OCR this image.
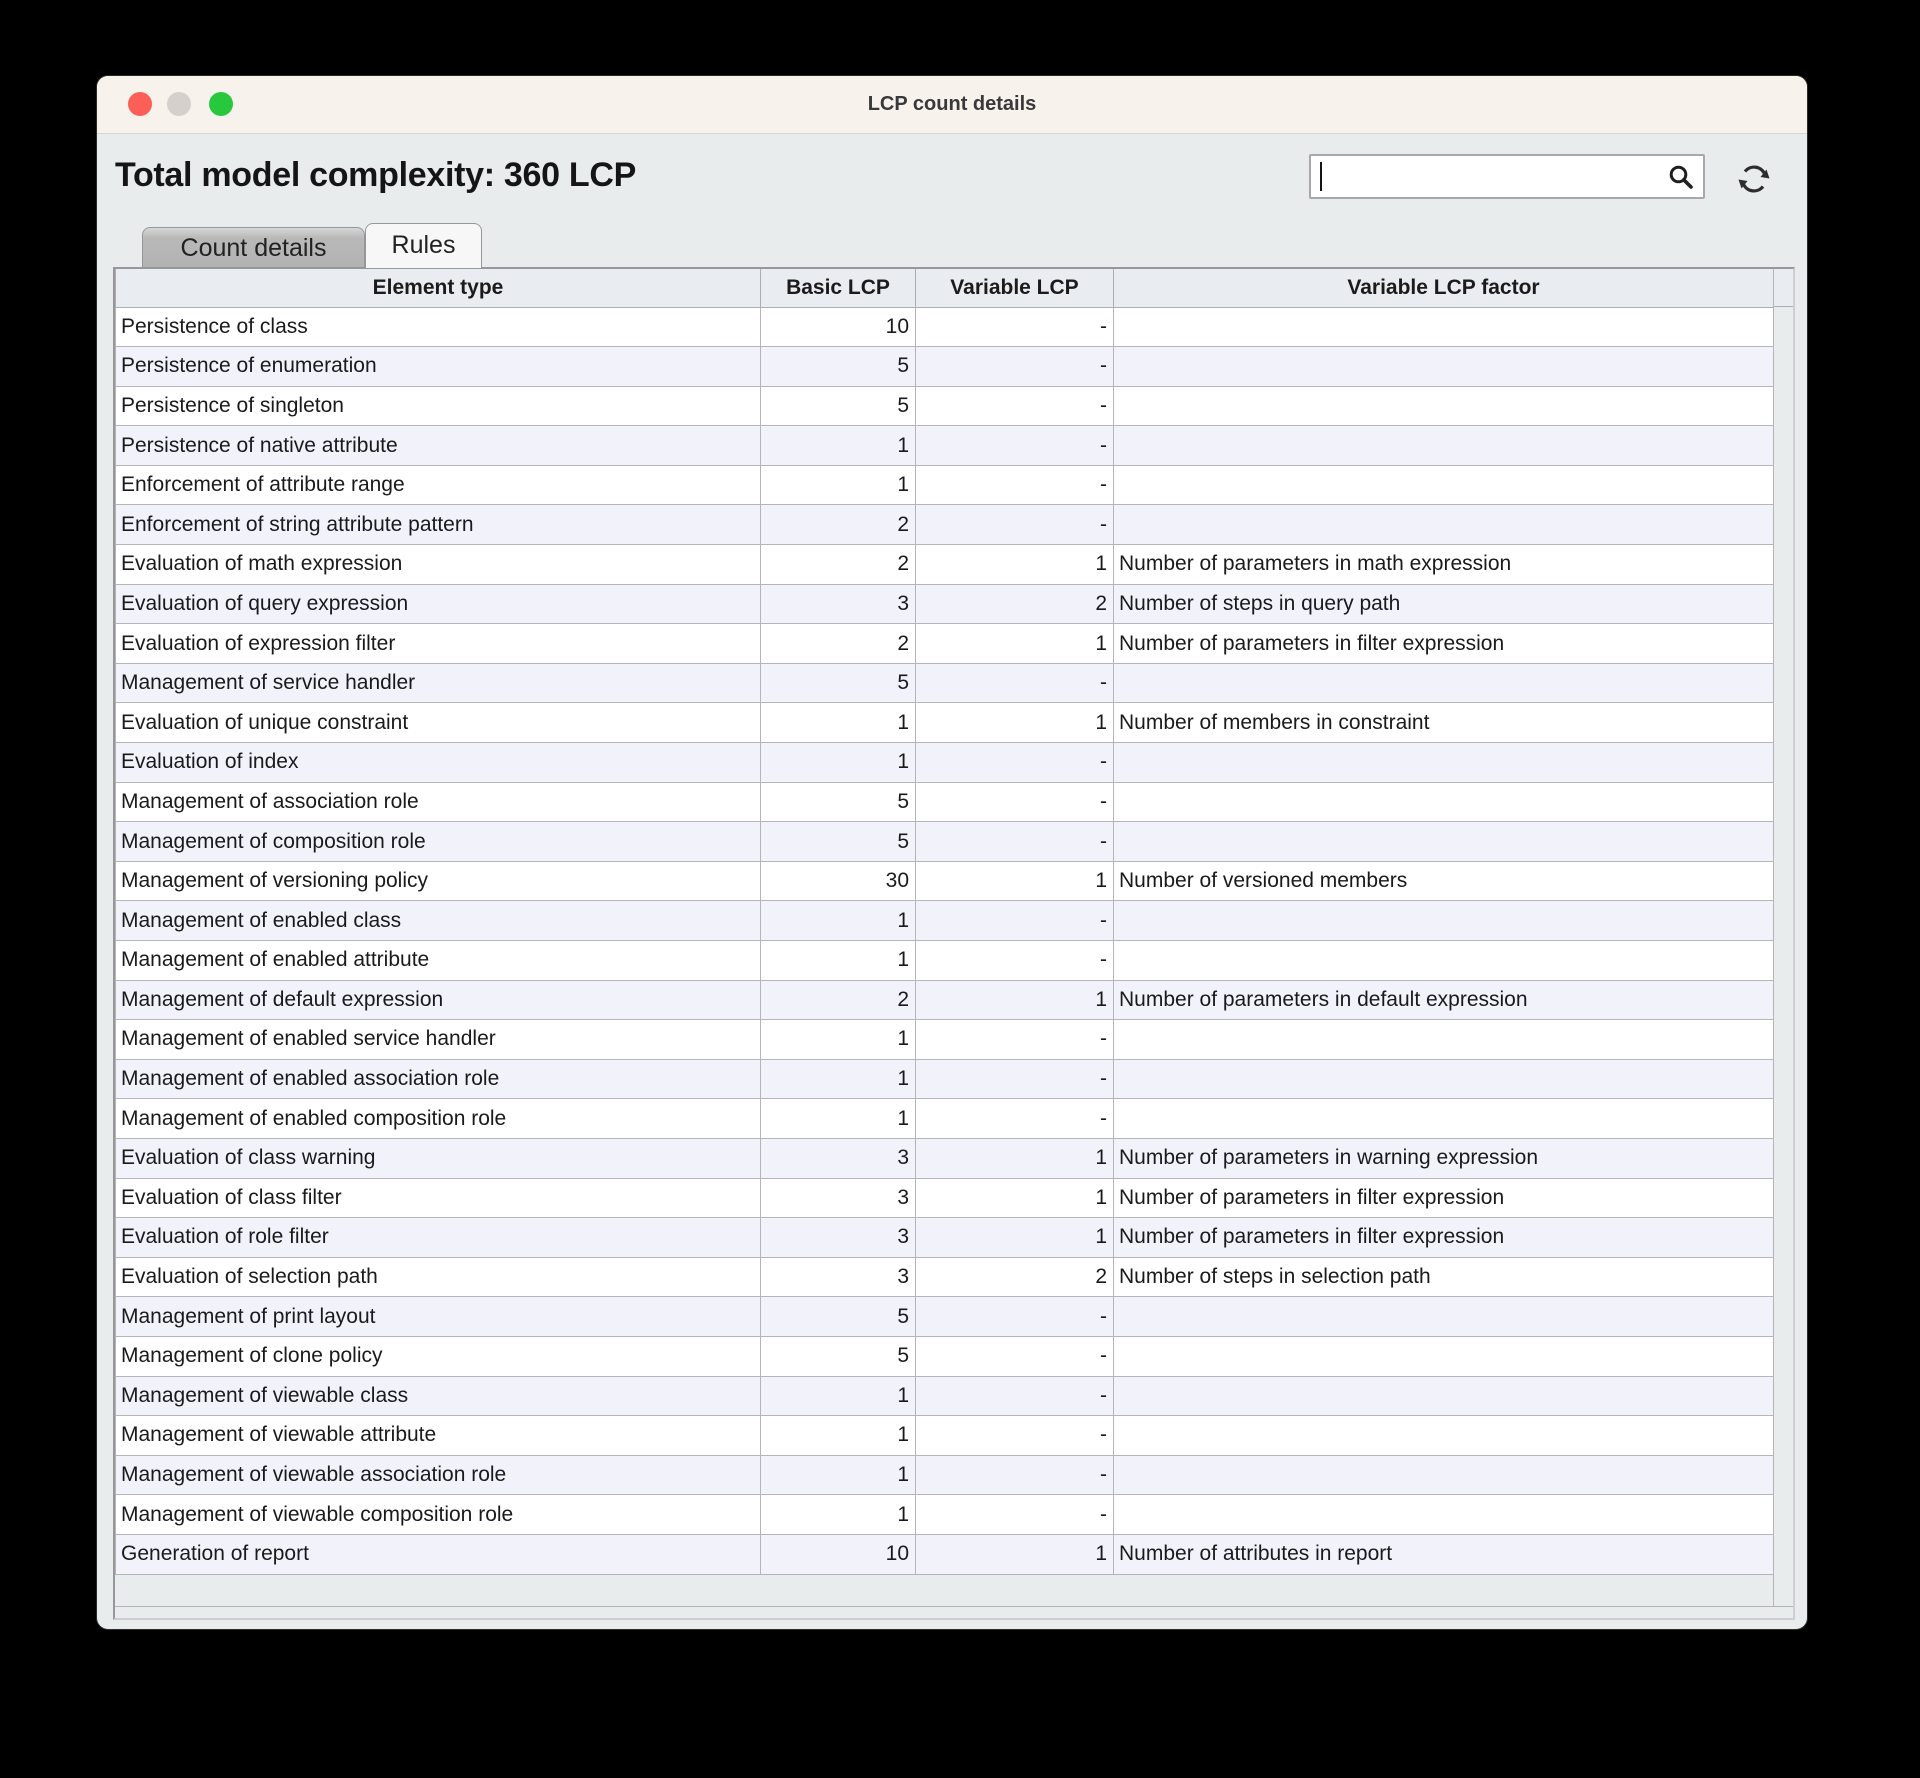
LCP count details
Total model complexity: 360 LCP
Count details	Rules
Element type	Basic LCP	Variable LCP	Variable LCP factor
Persistence of class	10	-	
Persistence of enumeration	5	-	
Persistence of singleton	5	-	
Persistence of native attribute	1	-	
Enforcement of attribute range	1	-	
Enforcement of string attribute pattern	2	-	
Evaluation of math expression	2	1	Number of parameters in math expression
Evaluation of query expression	3	2	Number of steps in query path
Evaluation of expression filter	2	1	Number of parameters in filter expression
Management of service handler	5	-	
Evaluation of unique constraint	1	1	Number of members in constraint
Evaluation of index	1	-	
Management of association role	5	-	
Management of composition role	5	-	
Management of versioning policy	30	1	Number of versioned members
Management of enabled class	1	-	
Management of enabled attribute	1	-	
Management of default expression	2	1	Number of parameters in default expression
Management of enabled service handler	1	-	
Management of enabled association role	1	-	
Management of enabled composition role	1	-	
Evaluation of class warning	3	1	Number of parameters in warning expression
Evaluation of class filter	3	1	Number of parameters in filter expression
Evaluation of role filter	3	1	Number of parameters in filter expression
Evaluation of selection path	3	2	Number of steps in selection path
Management of print layout	5	-	
Management of clone policy	5	-	
Management of viewable class	1	-	
Management of viewable attribute	1	-	
Management of viewable association role	1	-	
Management of viewable composition role	1	-	
Generation of report	10	1	Number of attributes in report
